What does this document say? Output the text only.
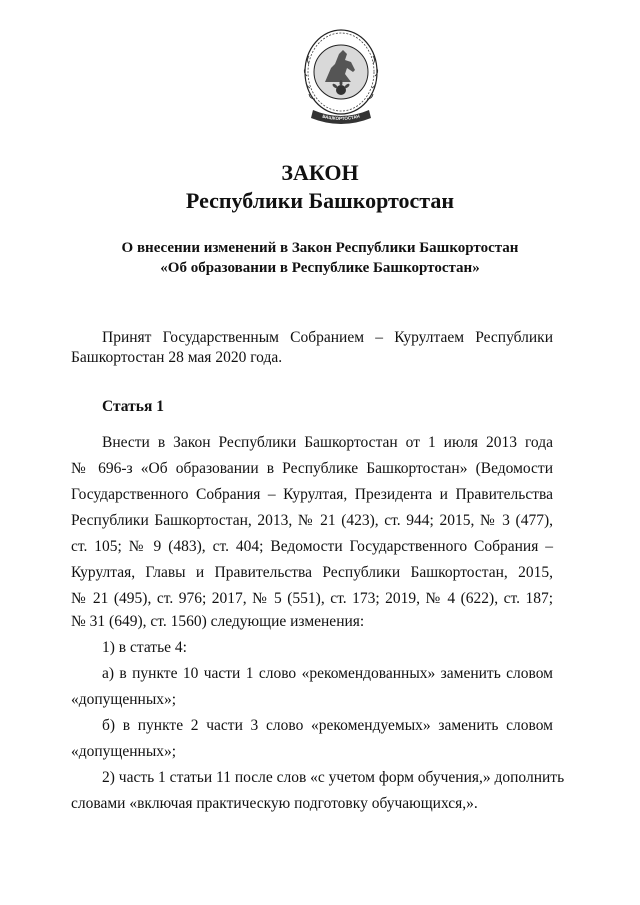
БАШКОРТОСТАН
ЗАКОН
Республики Башкортостан
О внесении изменений в Закон Республики Башкортостан
«Об образовании в Республике Башкортостан»
Принят Государственным Собранием – Курултаем Республики
Башкортостан 28 мая 2020 года.
Статья 1
Внести в Закон Республики Башкортостан от 1 июля 2013 года
№ 696-з «Об образовании в Республике Башкортостан» (Ведомости
Государственного Собрания – Курултая, Президента и Правительства
Республики Башкортостан, 2013, № 21 (423), ст. 944; 2015, № 3 (477),
ст. 105; № 9 (483), ст. 404; Ведомости Государственного Собрания –
Курултая, Главы и Правительства Республики Башкортостан, 2015,
№ 21 (495), ст. 976; 2017, № 5 (551), ст. 173; 2019, № 4 (622), ст. 187;
№ 31 (649), ст. 1560) следующие изменения:
1) в статье 4:
а) в пункте 10 части 1 слово «рекомендованных» заменить словом
«допущенных»;
б) в пункте 2 части 3 слово «рекомендуемых» заменить словом
«допущенных»;
2) часть 1 статьи 11 после слов «с учетом форм обучения,» дополнить
словами «включая практическую подготовку обучающихся,».
